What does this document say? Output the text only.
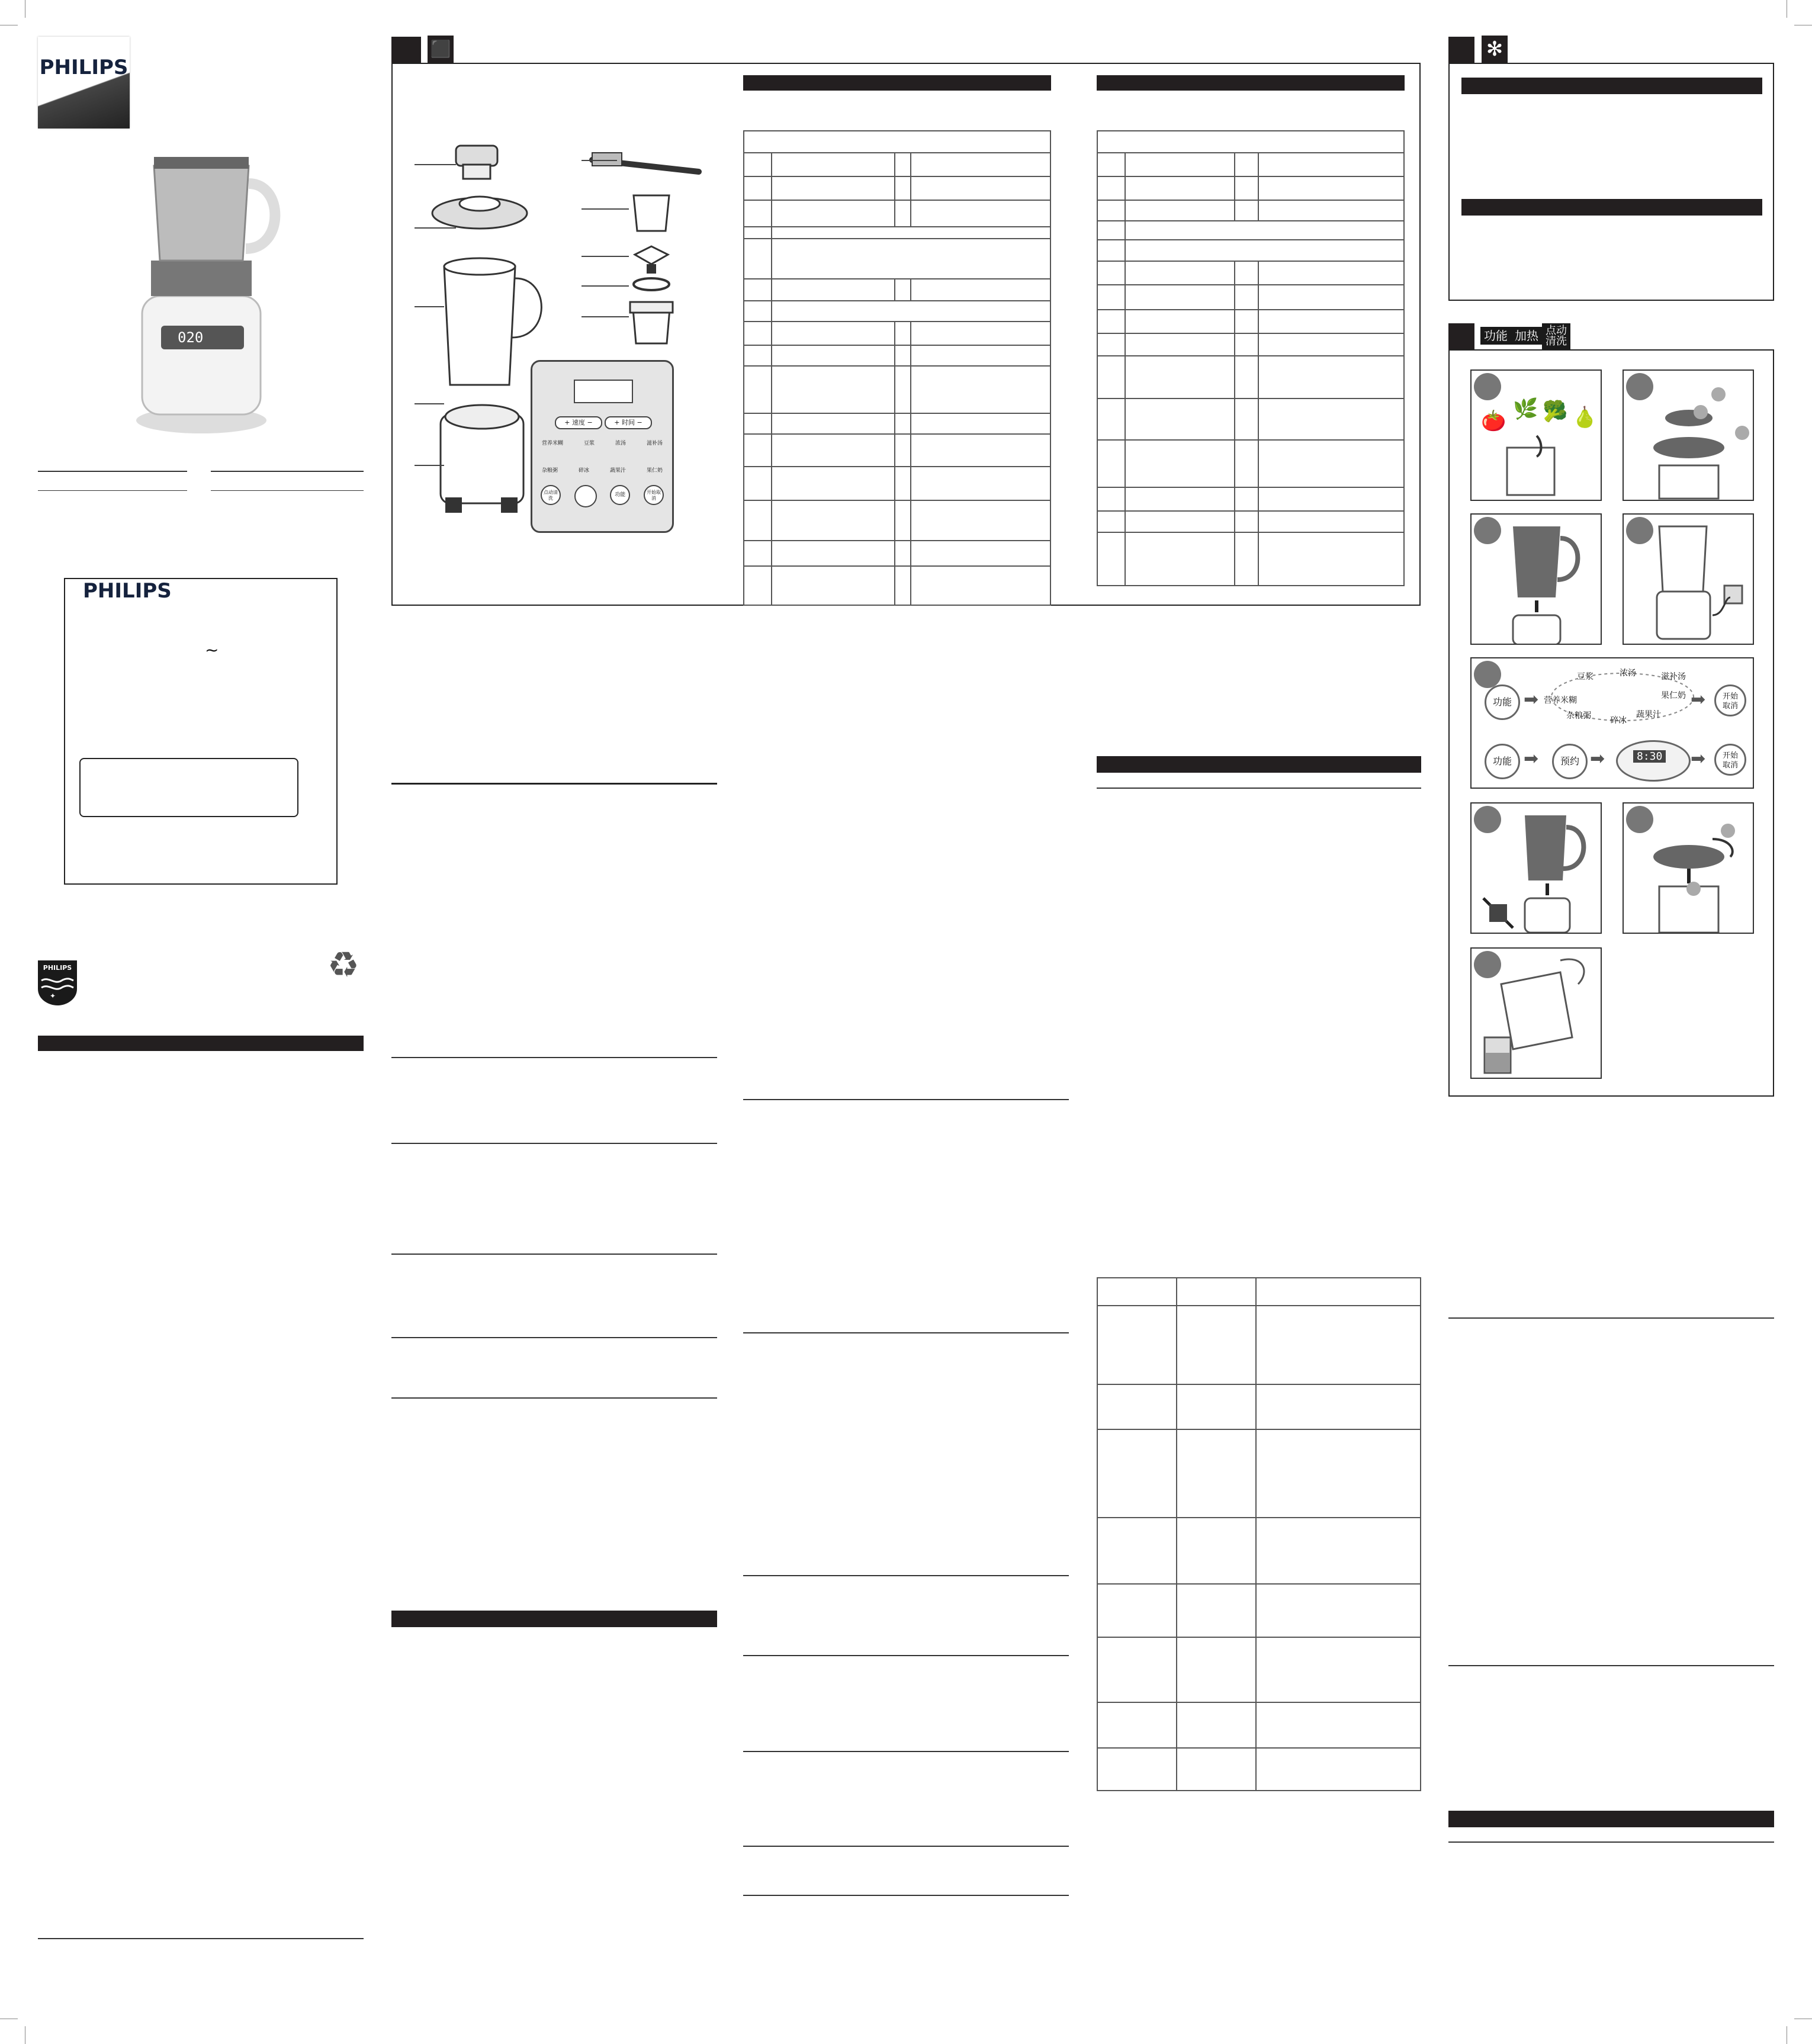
PHILIPS
020
PHILIPS
~
PHILIPS
✦
♻
⬛
+ 速度 −	+ 时间 −
营养米糊	豆浆	浓汤	滋补汤
杂粮粥	碎冰	蔬果汁	果仁奶
点动清洗
功能	开始取消
✻
功能 加热 点动
清洗
🍅 🌿 🥦 🍐
功能 ➡
豆浆	浓汤	滋补汤
果仁奶
蔬果汁
碎冰
杂粮粥
营养米糊	➡	开始
取消
功能 ➡	预约 ➡	8:30 ➡	开始
取消
